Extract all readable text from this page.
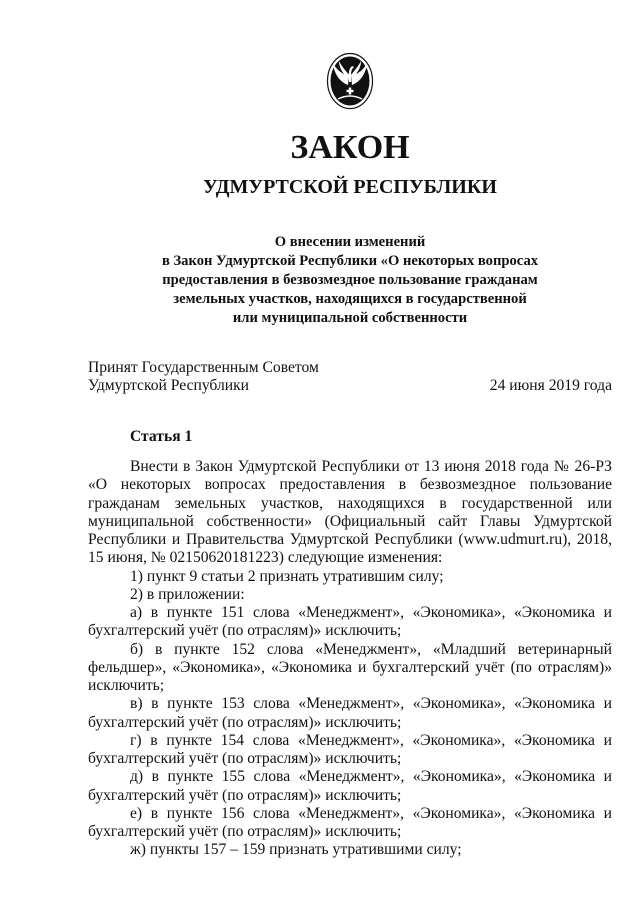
ЗАКОН
УДМУРТСКОЙ РЕСПУБЛИКИ
О внесении изменений
в Закон Удмуртской Республики «О некоторых вопросах
предоставления в безвозмездное пользование гражданам
земельных участков, находящихся в государственной
или муниципальной собственности
Принят Государственным Советом
Удмуртской Республики	24 июня 2019 года
Статья 1

Внести в Закон Удмуртской Республики от 13 июня 2018 года № 26-РЗ «О некоторых вопросах предоставления в безвозмездное пользование гражданам земельных участков, находящихся в государственной или муниципальной собственности» (Официальный сайт Главы Удмуртской Республики и Правительства Удмуртской Республики (www.udmurt.ru), 2018, 15 июня, № 02150620181223) следующие изменения:

1) пункт 9 статьи 2 признать утратившим силу;

2) в приложении:

а) в пункте 151 слова «Менеджмент», «Экономика», «Экономика и бухгалтерский учёт (по отраслям)» исключить;

б) в пункте 152 слова «Менеджмент», «Младший ветеринарный фельдшер», «Экономика», «Экономика и бухгалтерский учёт (по отраслям)» исключить;

в) в пункте 153 слова «Менеджмент», «Экономика», «Экономика и бухгалтерский учёт (по отраслям)» исключить;

г) в пункте 154 слова «Менеджмент», «Экономика», «Экономика и бухгалтерский учёт (по отраслям)» исключить;

д) в пункте 155 слова «Менеджмент», «Экономика», «Экономика и бухгалтерский учёт (по отраслям)» исключить;

е) в пункте 156 слова «Менеджмент», «Экономика», «Экономика и бухгалтерский учёт (по отраслям)» исключить;

ж) пункты 157 – 159 признать утратившими силу;
